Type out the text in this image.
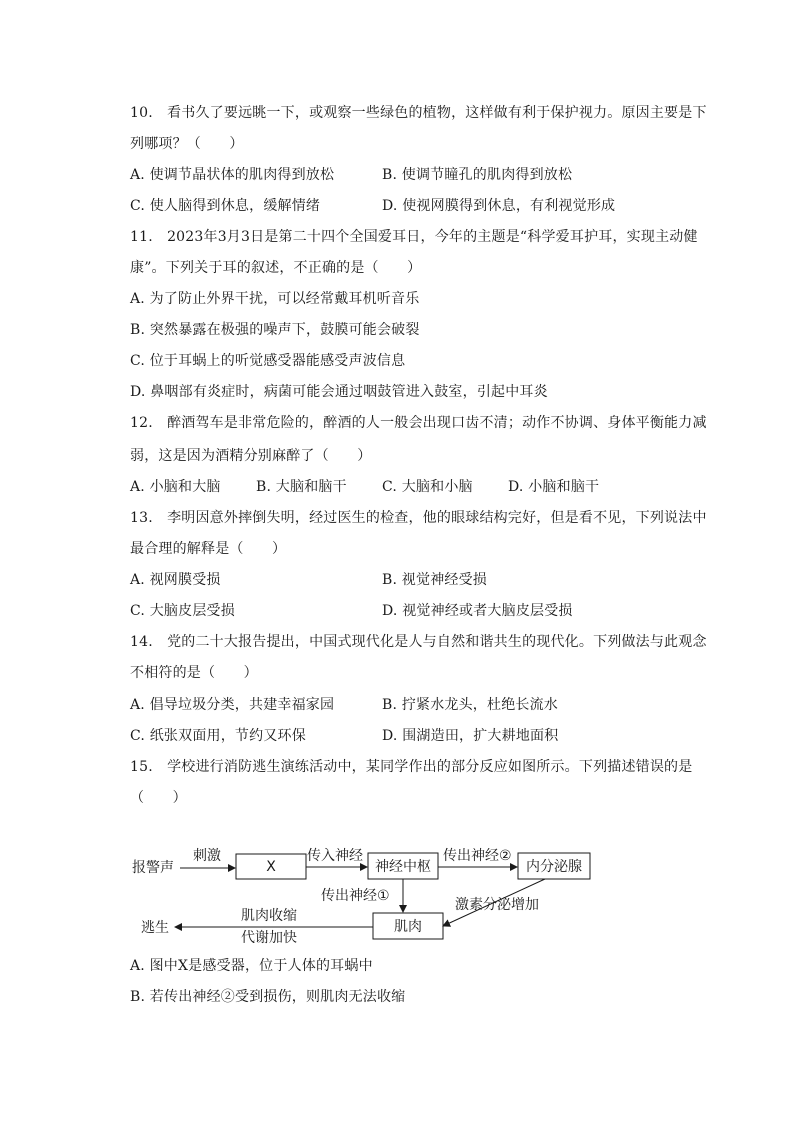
10.　看书久了要远眺一下，或观察一些绿色的植物，这样做有利于保护视力。原因主要是下
列哪项？（　　）
A. 使调节晶状体的肌肉得到放松	B. 使调节瞳孔的肌肉得到放松
C. 使人脑得到休息，缓解情绪	D. 使视网膜得到休息，有利视觉形成
11.　2023年3月3日是第二十四个全国爱耳日，今年的主题是“科学爱耳护耳，实现主动健
康”。下列关于耳的叙述，不正确的是（　　）
A. 为了防止外界干扰，可以经常戴耳机听音乐
B. 突然暴露在极强的噪声下，鼓膜可能会破裂
C. 位于耳蜗上的听觉感受器能感受声波信息
D. 鼻咽部有炎症时，病菌可能会通过咽鼓管进入鼓室，引起中耳炎
12.　醉酒驾车是非常危险的，醉酒的人一般会出现口齿不清；动作不协调、身体平衡能力减
弱，这是因为酒精分别麻醉了（　　）
A. 小脑和大脑	B. 大脑和脑干	C. 大脑和小脑	D. 小脑和脑干
13.　李明因意外摔倒失明，经过医生的检查，他的眼球结构完好，但是看不见，下列说法中
最合理的解释是（　　）
A. 视网膜受损	B. 视觉神经受损
C. 大脑皮层受损	D. 视觉神经或者大脑皮层受损
14.　党的二十大报告提出，中国式现代化是人与自然和谐共生的现代化。下列做法与此观念
不相符的是（　　）
A. 倡导垃圾分类，共建幸福家园	B. 拧紧水龙头，杜绝长流水
C. 纸张双面用，节约又环保	D. 围湖造田，扩大耕地面积
15.　学校进行消防逃生演练活动中，某同学作出的部分反应如图所示。下列描述错误的是
（　　）
报警声
刺激
X
传入神经
神经中枢
传出神经②
内分泌腺
传出神经①
激素分泌增加
肌肉
肌肉收缩
代谢加快
逃生
A. 图中X是感受器，位于人体的耳蜗中
B. 若传出神经②受到损伤，则肌肉无法收缩
